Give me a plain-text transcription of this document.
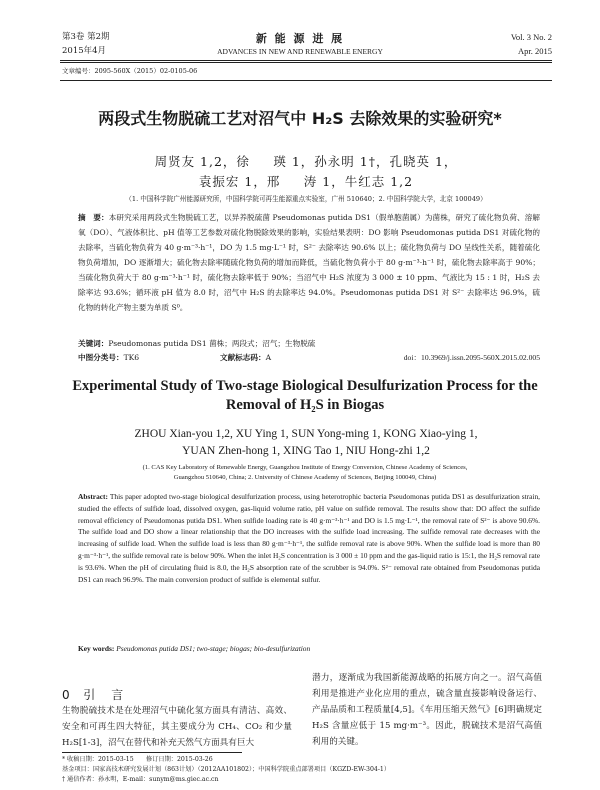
第3卷 第2期
2015年4月
新 能 源 进 展
ADVANCES IN NEW AND RENEWABLE ENERGY
Vol. 3 No. 2
Apr. 2015
文章编号：2095-560X（2015）02-0105-06
两段式生物脱硫工艺对沼气中 H₂S 去除效果的实验研究*
周贤友 1,2，徐 　 瑛 1，孙永明 1†，孔晓英 1，
袁振宏 1，邢 　 涛 1，牛红志 1,2
（1. 中国科学院广州能源研究所，中国科学院可再生能源重点实验室，广州 510640；2. 中国科学院大学，北京 100049）
摘　要：本研究采用两段式生物脱硫工艺，以异养脱硫菌 Pseudomonas putida DS1（假单胞菌属）为菌株，研究了硫化物负荷、溶解氧（DO）、气液体积比、pH 值等工艺参数对硫化物脱除效果的影响，实验结果表明：DO 影响 Pseudomonas putida DS1 对硫化物的去除率，当硫化物负荷为 40 g·m⁻³·h⁻¹，DO 为 1.5 mg·L⁻¹ 时，S²⁻ 去除率达 90.6% 以上；硫化物负荷与 DO 呈线性关系，随着硫化物负荷增加，DO 逐渐增大；硫化物去除率随硫化物负荷的增加而降低，当硫化物负荷小于 80 g·m⁻³·h⁻¹ 时，硫化物去除率高于 90%；当硫化物负荷大于 80 g·m⁻³·h⁻¹ 时，硫化物去除率低于 90%；当沼气中 H₂S 浓度为 3 000 ± 10 ppm、气液比为 15 : 1 时，H₂S 去除率达 93.6%；循环液 pH 值为 8.0 时，沼气中 H₂S 的去除率达 94.0%。Pseudomonas putida DS1 对 S²⁻ 去除率达 96.9%，硫化物的转化产物主要为单质 S⁰。
关键词：Pseudomonas putida DS1 菌株；两段式；沼气；生物脱硫
中图分类号：TK6	文献标志码：A	doi：10.3969/j.issn.2095-560X.2015.02.005
Experimental Study of Two-stage Biological Desulfurization Process for the
Removal of H₂S in Biogas
ZHOU Xian-you 1,2, XU Ying 1, SUN Yong-ming 1, KONG Xiao-ying 1,
YUAN Zhen-hong 1, XING Tao 1, NIU Hong-zhi 1,2
(1. CAS Key Laboratory of Renewable Energy, Guangzhou Institute of Energy Conversion, Chinese Academy of Sciences,
Guangzhou 510640, China; 2. University of Chinese Academy of Sciences, Beijing 100049, China)
Abstract: This paper adopted two-stage biological desulfurization process, using heterotrophic bacteria Pseudomonas putida DS1 as desulfurization strain, studied the effects of sulfide load, dissolved oxygen, gas-liquid volume ratio, pH value on sulfide removal. The results show that: DO affect the sulfide removal efficiency of Pseudomonas putida DS1. When sulfide loading rate is 40 g·m⁻³·h⁻¹ and DO is 1.5 mg·L⁻¹, the removal rate of S²⁻ is above 90.6%. The sulfide load and DO show a linear relationship that the DO increases with the sulfide load increasing. The sulfide removal rate decreases with the increasing of sulfide load. When the sulfide load is less than 80 g·m⁻³·h⁻¹, the sulfide removal rate is above 90%. When the sulfide load is more than 80 g·m⁻³·h⁻¹, the sulfide removal rate is below 90%. When the inlet H₂S concentration is 3 000 ± 10 ppm and the gas-liquid ratio is 15:1, the H₂S removal rate is 93.6%. When the pH of circulating fluid is 8.0, the H₂S absorption rate of the scrubber is 94.0%. S²⁻ removal rate obtained from Pseudomonas putida DS1 can reach 96.9%. The main conversion product of sulfide is elemental sulfur.
Key words: Pseudomonas putida DS1; two-stage; biogas; bio-desulfurization
0 引　言
生物脱硫技术是在处理沼气中硫化氢方面具有清洁、高效、安全和可再生四大特征，其主要成分为 CH₄、CO₂ 和少量 H₂S[1-3]，沼气在替代和补充天然气方面具有巨大
潜力，逐渐成为我国新能源战略的拓展方向之一。沼气高值利用是推进产业化应用的重点，硫含量直接影响设备运行、产品品质和工程质量[4,5]。《车用压缩天然气》[6]明确规定 H₂S 含量应低于 15 mg·m⁻³。因此，脱硫技术是沼气高值利用的关键。
* 收稿日期：2015-03-15　　修订日期：2015-03-26
基金项目：国家高技术研究发展计划（863计划）（2012AA101802）；中国科学院重点部署项目（KGZD-EW-304-1）
† 通信作者：孙永明，E-mail：sunym@ms.giec.ac.cn
